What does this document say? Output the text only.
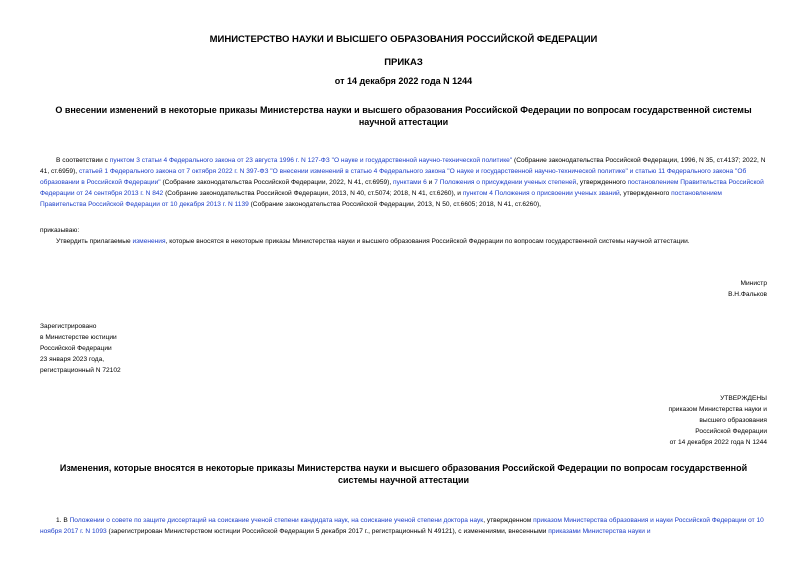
МИНИСТЕРСТВО НАУКИ И ВЫСШЕГО ОБРАЗОВАНИЯ РОССИЙСКОЙ ФЕДЕРАЦИИ
ПРИКАЗ
от 14 декабря 2022 года N 1244
О внесении изменений в некоторые приказы Министерства науки и высшего образования Российской Федерации по вопросам государственной системы научной аттестации
В соответствии с пунктом 3 статьи 4 Федерального закона от 23 августа 1996 г. N 127-ФЗ "О науке и государственной научно-технической политике" (Собрание законодательства Российской Федерации, 1996, N 35, ст.4137; 2022, N 41, ст.6959), статьей 1 Федерального закона от 7 октября 2022 г. N 397-ФЗ "О внесении изменений в статью 4 Федерального закона "О науке и государственной научно-технической политике" и статью 11 Федерального закона "Об образовании в Российской Федерации" (Собрание законодательства Российской Федерации, 2022, N 41, ст.6959), пунктами 6 и 7 Положения о присуждении ученых степеней, утвержденного постановлением Правительства Российской Федерации от 24 сентября 2013 г. N 842 (Собрание законодательства Российской Федерации, 2013, N 40, ст.5074; 2018, N 41, ст.6260), и пунктом 4 Положения о присвоении ученых званий, утвержденного постановлением Правительства Российской Федерации от 10 декабря 2013 г. N 1139 (Собрание законодательства Российской Федерации, 2013, N 50, ст.6605; 2018, N 41, ст.6260),
приказываю:
Утвердить прилагаемые изменения, которые вносятся в некоторые приказы Министерства науки и высшего образования Российской Федерации по вопросам государственной системы научной аттестации.
Министр
В.Н.Фальков
Зарегистрировано
в Министерстве юстиции
Российской Федерации
23 января 2023 года,
регистрационный N 72102
УТВЕРЖДЕНЫ
приказом Министерства науки и
высшего образования
Российской Федерации
от 14 декабря 2022 года N 1244
Изменения, которые вносятся в некоторые приказы Министерства науки и высшего образования Российской Федерации по вопросам государственной системы научной аттестации
1. В Положении о совете по защите диссертаций на соискание ученой степени кандидата наук, на соискание ученой степени доктора наук, утвержденном приказом Министерства образования и науки Российской Федерации от 10 ноября 2017 г. N 1093 (зарегистрирован Министерством юстиции Российской Федерации 5 декабря 2017 г., регистрационный N 49121), с изменениями, внесенными приказами Министерства науки и
